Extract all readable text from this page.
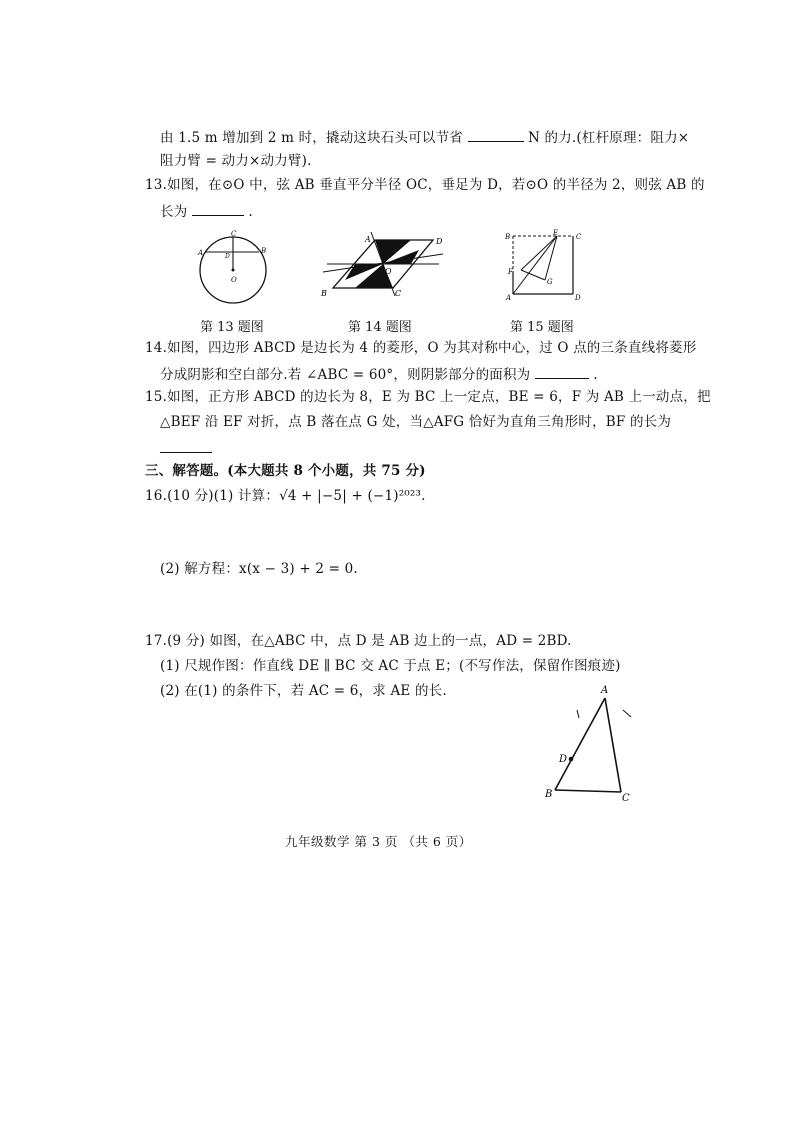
由 1.5 m 增加到 2 m 时，撬动这块石头可以节省	N 的力.(杠杆原理：阻力×
阻力臂 = 动力×动力臂).
13.如图，在⊙O 中，弦 AB 垂直平分半径 OC，垂足为 D，若⊙O 的半径为 2，则弦 AB 的
长为	.
C
A	B
D
O
第 13 题图
A	D
B	C
O
第 14 题图
B	E	C
F
G
A	D
第 15 题图
14.如图，四边形 ABCD 是边长为 4 的菱形，O 为其对称中心，过 O 点的三条直线将菱形
分成阴影和空白部分.若 ∠ABC = 60°，则阴影部分的面积为	.
15.如图，正方形 ABCD 的边长为 8，E 为 BC 上一定点，BE = 6，F 为 AB 上一动点，把
△BEF 沿 EF 对折，点 B 落在点 G 处，当△AFG 恰好为直角三角形时，BF 的长为
三、解答题。(本大题共 8 个小题，共 75 分)
16.(10 分)(1) 计算：√4 + |−5| + (−1)²⁰²³.
(2) 解方程：x(x − 3) + 2 = 0.
17.(9 分) 如图，在△ABC 中，点 D 是 AB 边上的一点，AD = 2BD.
(1) 尺规作图：作直线 DE ∥ BC 交 AC 于点 E；(不写作法，保留作图痕迹)
(2) 在(1) 的条件下，若 AC = 6，求 AE 的长.	A
D
B	C
九年级数学 第 3 页 （共 6 页）
